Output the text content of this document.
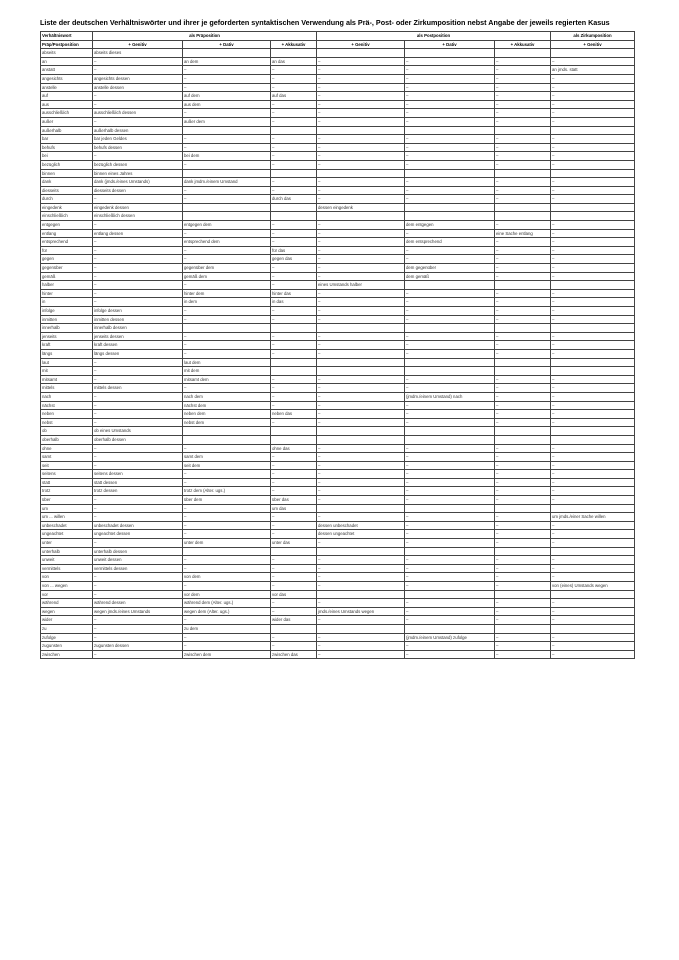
Liste der deutschen Verhältniswörter und ihrer je geforderten syntaktischen Verwendung als Prä-, Post- oder Zirkumposition nebst Angabe der jeweils regierten Kasus
Verhältniswort	als Präposition			als Postposition			als Zirkumposition
Präp/Postposition	+ Genitiv	+ Dativ	+ Akkusativ	+ Genitiv	+ Dativ	+ Akkusativ	+ Genitiv
abseits	abseits dieses						
an	–	an dem	an das	–	–	–	–
anstatt	–	–	–	–	–	–	an jmds. statt
angesichts	angesichts dessen	–	–	–	–	–	–
anstelle	anstelle dessen	–	–	–	–	–	–
auf	–	auf dem	auf das	–	–	–	–
aus	–	aus dem	–	–	–	–	–
ausschließlich	ausschließlich dessen	–	–	–	–	–	–
außer	–	außer dem	–	–	–	–	–
außerhalb	außerhalb dessen						
bar	bar jeden Geldes	–	–	–	–	–	–
behufs	behufs dessen	–	–	–	–	–	–
bei	–	bei dem	–	–	–	–	–
bezüglich	bezüglich dessen	–	–	–	–	–	–
binnen	binnen eines Jahres						
dank	dank (jmds./eines Umstands)	dank jmdm./einem Umstand	–	–	–	–	–
diesseits	diesseits dessen	–	–	–	–	–	–
durch	–	–	durch das	–	–	–	–
eingedenk	eingedenk dessen			dessen eingedenk			
einschließlich	einschließlich dessen						
entgegen	–	entgegen dem	–	–	dem entgegen	–	–
entlang	entlang dessen	–	–	–	–	eine Sache entlang	–
entsprechend	–	entsprechend dem	–	–	dem entsprechend	–	–
für	–	–	für das	–	–	–	–
gegen	–	–	gegen das	–	–	–	–
gegenüber	–	gegenüber dem	–	–	dem gegenüber	–	–
gemäß	–	gemäß dem	–	–	dem gemäß	–	–
halber	–	–	–	eines Umstands halber			
hinter	–	hinter dem	hinter das	–	–	–	–
in	–	in dem	in das	–	–	–	–
infolge	infolge dessen	–	–	–	–	–	–
inmitten	inmitten dessen	–	–	–	–	–	–
innerhalb	innerhalb dessen						
jenseits	jenseits dessen	–	–	–	–	–	–
kraft	kraft dessen	–	–	–	–	–	–
längs	längs dessen	–	–	–	–	–	–
laut	–	laut dem					
mit	–	mit dem					
mitsamt	–	mitsamt dem	–	–	–	–	–
mittels	mittels dessen	–	–	–	–	–	–
nach	–	nach dem	–	–	(jmdm./einem Umstand) nach	–	–
nächst	–	nächst dem	–	–	–	–	–
neben	–	neben dem	neben das	–	–	–	–
nebst	–	nebst dem	–	–	–	–	–
ob	ob eines Umstands						
oberhalb	oberhalb dessen						
ohne	–	–	ohne das	–	–	–	–
samt	–	samt dem	–	–	–	–	–
seit	–	seit dem	–	–	–	–	–
seitens	seitens dessen	–	–	–	–	–	–
statt	statt dessen	–	–	–	–	–	–
trotz	trotz dessen	trotz dem (Alter. ugs.)	–	–	–	–	–
über	–	über dem	über das	–	–	–	–
um	–	–	um das				
um ... willen	–	–	–	–	–	–	um jmds./einer Sache willen
unbeschadet	unbeschadet dessen	–	–	dessen unbeschadet	–	–	–
ungeachtet	ungeachtet dessen	–	–	dessen ungeachtet	–	–	–
unter	–	unter dem	unter das	–	–	–	–
unterhalb	unterhalb dessen						
unweit	unweit dessen	–	–	–	–	–	–
vermittels	vermittels dessen	–	–	–	–	–	–
von	–	von dem	–	–	–	–	–
von ... wegen	–	–	–	–	–	–	von (eines) Umstands wegen
vor	–	vor dem	vor das				
während	während dessen	während dem (Alter. ugs.)	–	–	–	–	–
wegen	wegen jmds./eines Umstands	wegen dem (Alter. ugs.)	–	jmds./eines Umstands wegen	–	–	–
wider	–	–	wider das	–	–	–	–
zu	–	zu dem					
zufolge	–	–	–	–	(jmdm./einem Umstand) zufolge	–	–
zugunsten	zugunsten dessen	–	–	–	–	–	–
zwischen	–	zwischen dem	zwischen das	–	–	–	–
